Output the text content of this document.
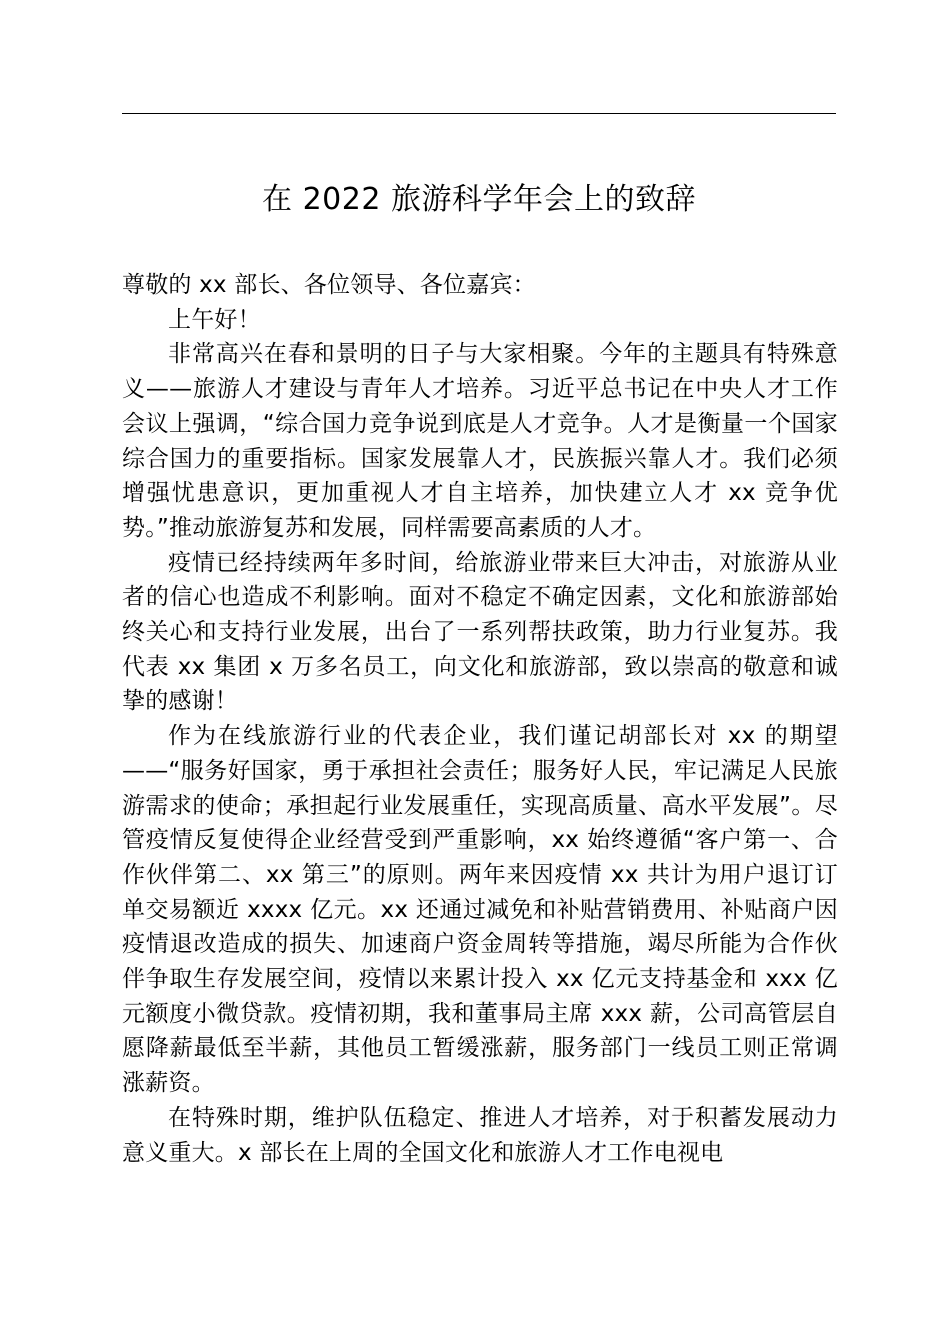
在 2022 旅游科学年会上的致辞

尊敬的 xx 部长、各位领导、各位嘉宾：

上午好！

非常高兴在春和景明的日子与大家相聚。今年的主题具有特殊意义——旅游人才建设与青年人才培养。习近平总书记在中央人才工作会议上强调，“综合国力竞争说到底是人才竞争。人才是衡量一个国家综合国力的重要指标。国家发展靠人才，民族振兴靠人才。我们必须增强忧患意识，更加重视人才自主培养，加快建立人才 xx 竞争优势。”推动旅游复苏和发展，同样需要高素质的人才。

疫情已经持续两年多时间，给旅游业带来巨大冲击，对旅游从业者的信心也造成不利影响。面对不稳定不确定因素，文化和旅游部始终关心和支持行业发展，出台了一系列帮扶政策，助力行业复苏。我代表 xx 集团 x 万多名员工，向文化和旅游部，致以崇高的敬意和诚挚的感谢！

作为在线旅游行业的代表企业，我们谨记胡部长对 xx 的期望——“服务好国家，勇于承担社会责任；服务好人民，牢记满足人民旅游需求的使命；承担起行业发展重任，实现高质量、高水平发展”。尽管疫情反复使得企业经营受到严重影响，xx 始终遵循“客户第一、合作伙伴第二、xx 第三”的原则。两年来因疫情 xx 共计为用户退订订单交易额近 xxxx 亿元。xx 还通过减免和补贴营销费用、补贴商户因疫情退改造成的损失、加速商户资金周转等措施，竭尽所能为合作伙伴争取生存发展空间，疫情以来累计投入 xx 亿元支持基金和 xxx 亿元额度小微贷款。疫情初期，我和董事局主席 xxx 薪，公司高管层自愿降薪最低至半薪，其他员工暂缓涨薪，服务部门一线员工则正常调涨薪资。

在特殊时期，维护队伍稳定、推进人才培养，对于积蓄发展动力意义重大。x 部长在上周的全国文化和旅游人才工作电视电
